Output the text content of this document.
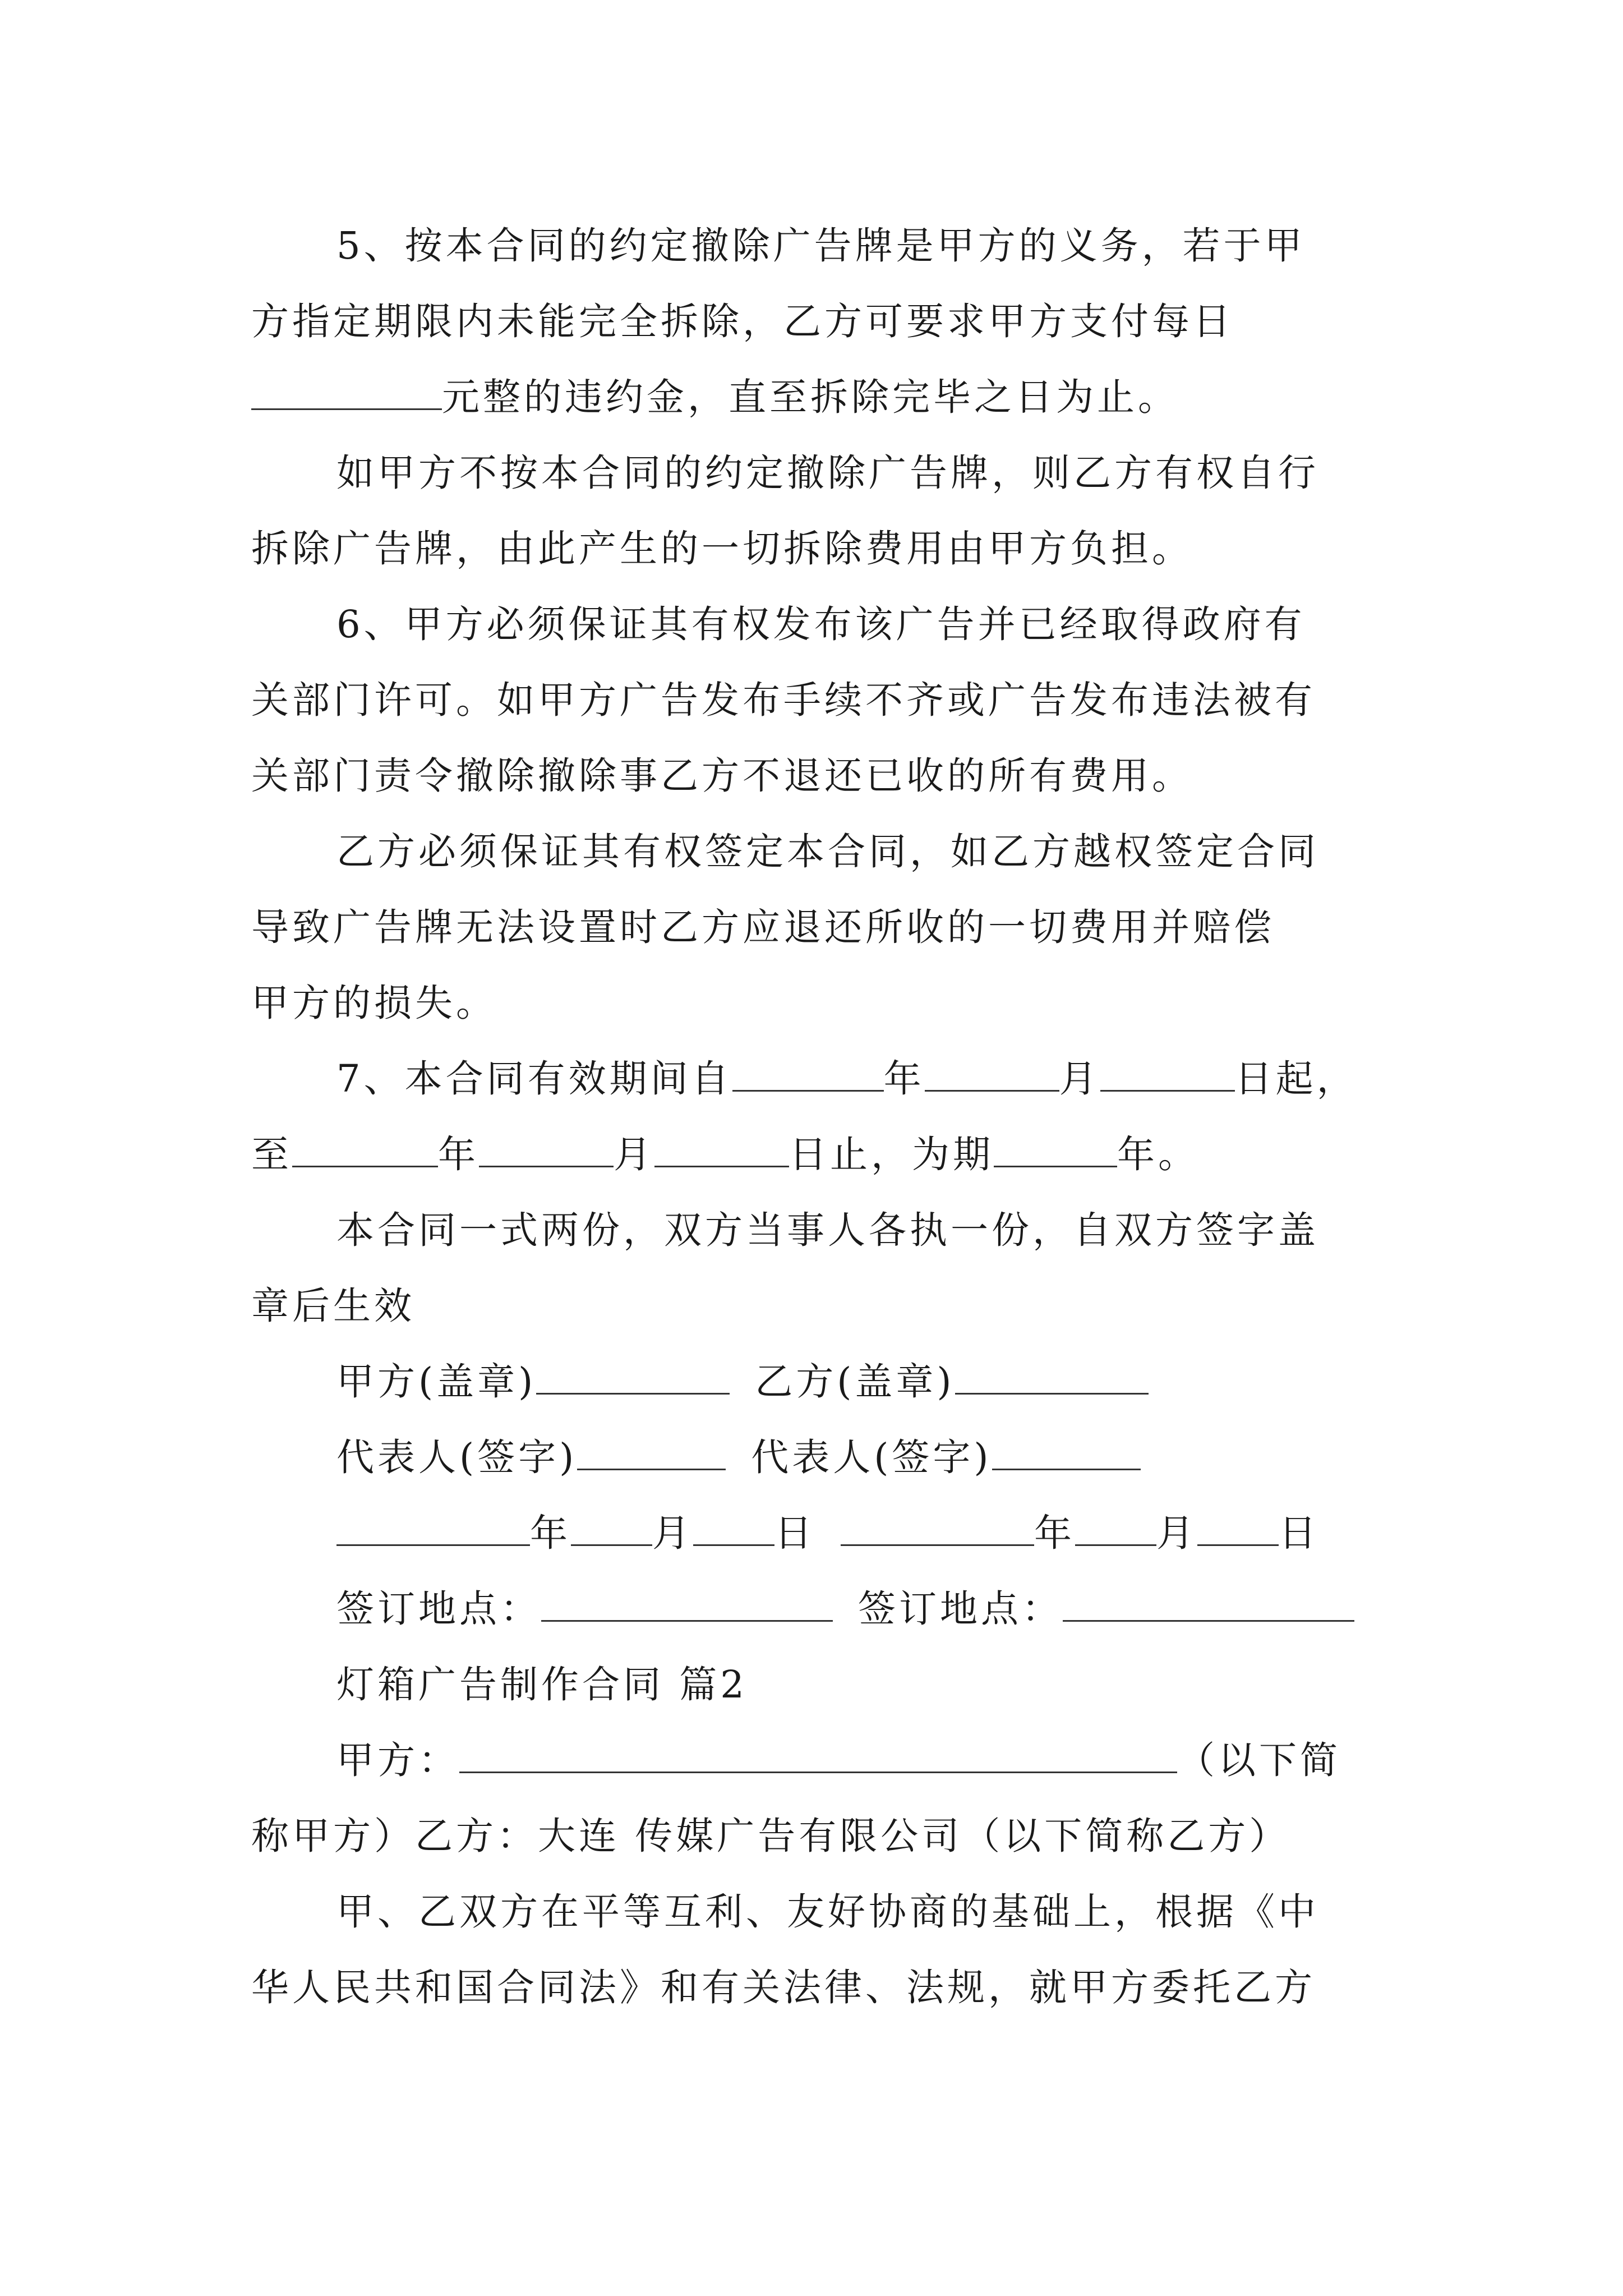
5、按本合同的约定撤除广告牌是甲方的义务，若于甲
方指定期限内未能完全拆除，乙方可要求甲方支付每日
元整的违约金，直至拆除完毕之日为止。
如甲方不按本合同的约定撤除广告牌，则乙方有权自行
拆除广告牌，由此产生的一切拆除费用由甲方负担。
6、甲方必须保证其有权发布该广告并已经取得政府有
关部门许可。如甲方广告发布手续不齐或广告发布违法被有
关部门责令撤除撤除事乙方不退还已收的所有费用。
乙方必须保证其有权签定本合同，如乙方越权签定合同
导致广告牌无法设置时乙方应退还所收的一切费用并赔偿
甲方的损失。
7、本合同有效期间自	年	月	日起，
至	年	月	日止，为期	年。
本合同一式两份，双方当事人各执一份，自双方签字盖
章后生效
甲方(盖章)	乙方(盖章)
代表人(签字)	代表人(签字)
年 月 日	年 月 日
签订地点：	签订地点：
灯箱广告制作合同 篇2
甲方：	（以下简
称甲方）乙方：大连 传媒广告有限公司（以下简称乙方）
甲、乙双方在平等互利、友好协商的基础上，根据《中
华人民共和国合同法》和有关法律、法规，就甲方委托乙方
